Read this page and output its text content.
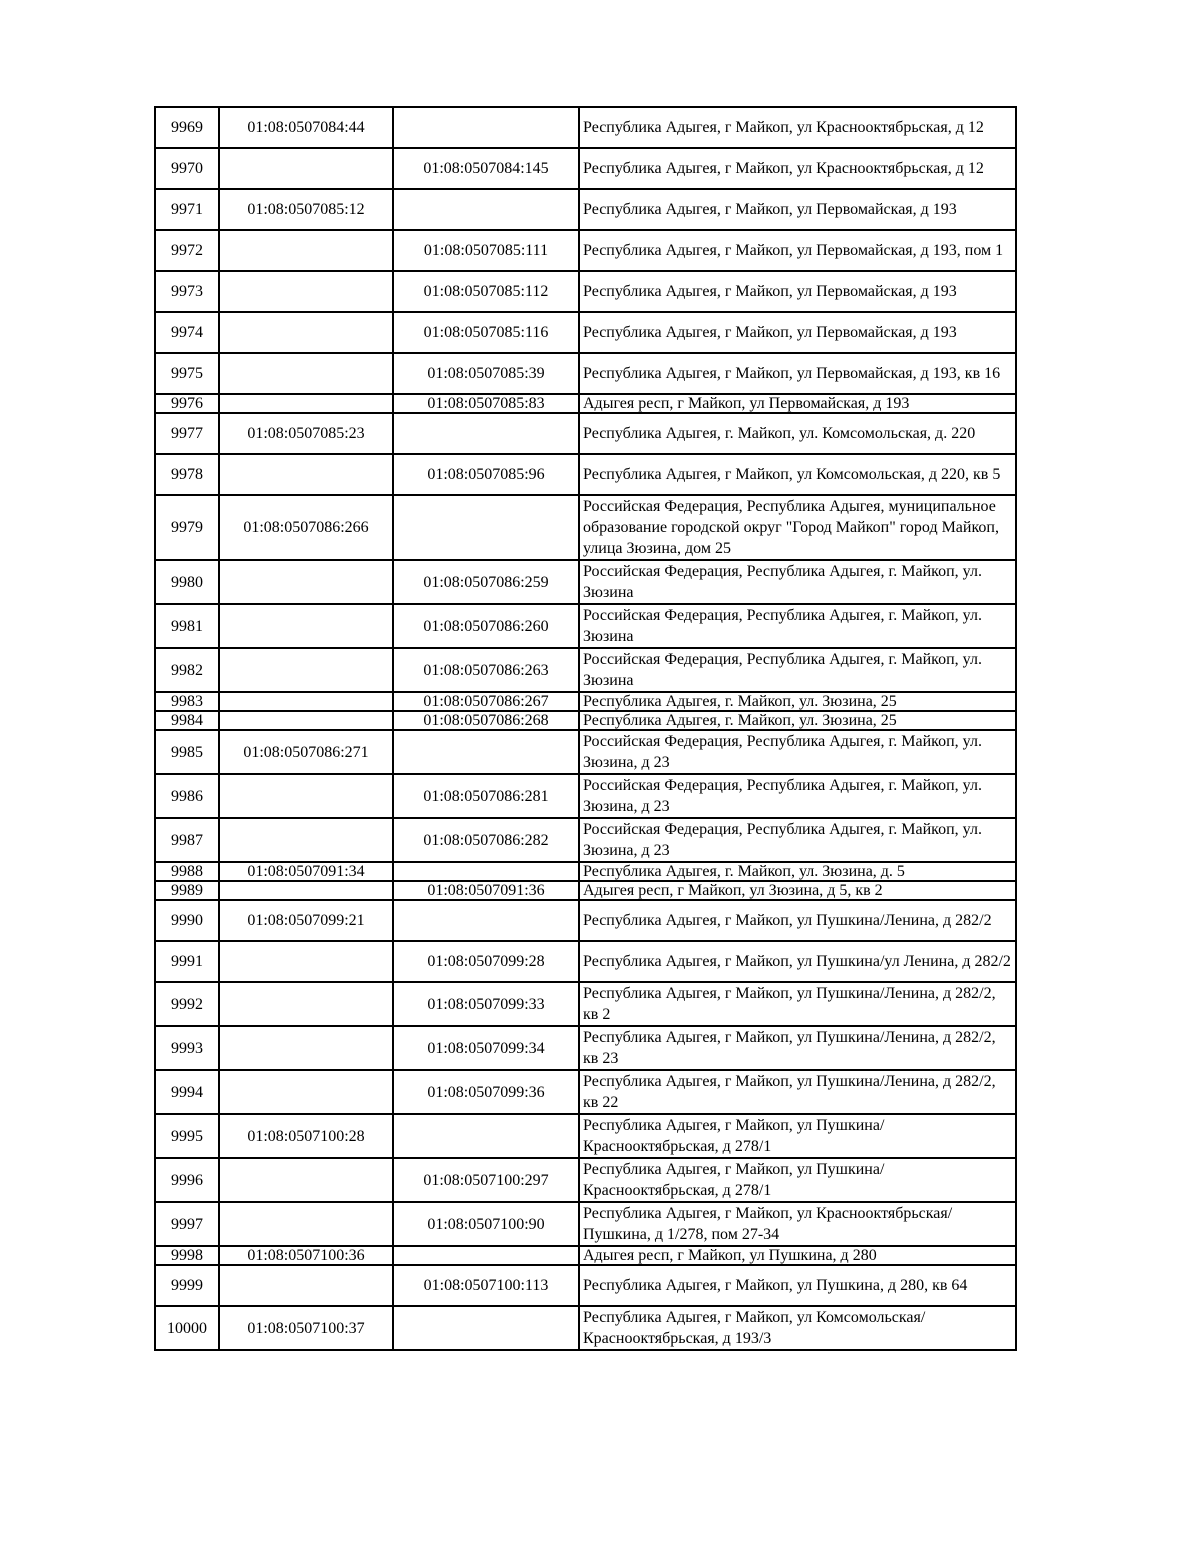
9969	01:08:0507084:44		Республика Адыгея, г Майкоп, ул Краснооктябрьская, д 12
9970		01:08:0507084:145	Республика Адыгея, г Майкоп, ул Краснооктябрьская, д 12
9971	01:08:0507085:12		Республика Адыгея, г Майкоп, ул Первомайская, д 193
9972		01:08:0507085:111	Республика Адыгея, г Майкоп, ул Первомайская, д 193, пом 1
9973		01:08:0507085:112	Республика Адыгея, г Майкоп, ул Первомайская, д 193
9974		01:08:0507085:116	Республика Адыгея, г Майкоп, ул Первомайская, д 193
9975		01:08:0507085:39	Республика Адыгея, г Майкоп, ул Первомайская, д 193, кв 16
9976		01:08:0507085:83	Адыгея респ, г Майкоп, ул Первомайская, д 193
9977	01:08:0507085:23		Республика Адыгея, г. Майкоп, ул. Комсомольская, д. 220
9978		01:08:0507085:96	Республика Адыгея, г Майкоп, ул Комсомольская, д 220, кв 5
9979	01:08:0507086:266		Российская Федерация, Республика Адыгея, муниципальное образование городской округ "Город Майкоп" город Майкоп, улица Зюзина, дом 25
9980		01:08:0507086:259	Российская Федерация, Республика Адыгея, г. Майкоп, ул. Зюзина
9981		01:08:0507086:260	Российская Федерация, Республика Адыгея, г. Майкоп, ул. Зюзина
9982		01:08:0507086:263	Российская Федерация, Республика Адыгея, г. Майкоп, ул. Зюзина
9983		01:08:0507086:267	Республика Адыгея, г. Майкоп, ул. Зюзина, 25
9984		01:08:0507086:268	Республика Адыгея, г. Майкоп, ул. Зюзина, 25
9985	01:08:0507086:271		Российская Федерация, Республика Адыгея, г. Майкоп, ул. Зюзина, д 23
9986		01:08:0507086:281	Российская Федерация, Республика Адыгея, г. Майкоп, ул. Зюзина, д 23
9987		01:08:0507086:282	Российская Федерация, Республика Адыгея, г. Майкоп, ул. Зюзина, д 23
9988	01:08:0507091:34		Республика Адыгея, г. Майкоп, ул. Зюзина, д. 5
9989		01:08:0507091:36	Адыгея респ, г Майкоп, ул Зюзина, д 5, кв 2
9990	01:08:0507099:21		Республика Адыгея, г Майкоп, ул Пушкина/Ленина, д 282/2
9991		01:08:0507099:28	Республика Адыгея, г Майкоп, ул Пушкина/ул Ленина, д 282/2
9992		01:08:0507099:33	Республика Адыгея, г Майкоп, ул Пушкина/Ленина, д 282/2, кв 2
9993		01:08:0507099:34	Республика Адыгея, г Майкоп, ул Пушкина/Ленина, д 282/2, кв 23
9994		01:08:0507099:36	Республика Адыгея, г Майкоп, ул Пушкина/Ленина, д 282/2, кв 22
9995	01:08:0507100:28		Республика Адыгея, г Майкоп, ул Пушкина/Краснооктябрьская, д 278/1
9996		01:08:0507100:297	Республика Адыгея, г Майкоп, ул Пушкина/Краснооктябрьская, д 278/1
9997		01:08:0507100:90	Республика Адыгея, г Майкоп, ул Краснооктябрьская/Пушкина, д 1/278, пом 27-34
9998	01:08:0507100:36		Адыгея респ, г Майкоп, ул Пушкина, д 280
9999		01:08:0507100:113	Республика Адыгея, г Майкоп, ул Пушкина, д 280, кв 64
10000	01:08:0507100:37		Республика Адыгея, г Майкоп, ул Комсомольская/Краснооктябрьская, д 193/3
